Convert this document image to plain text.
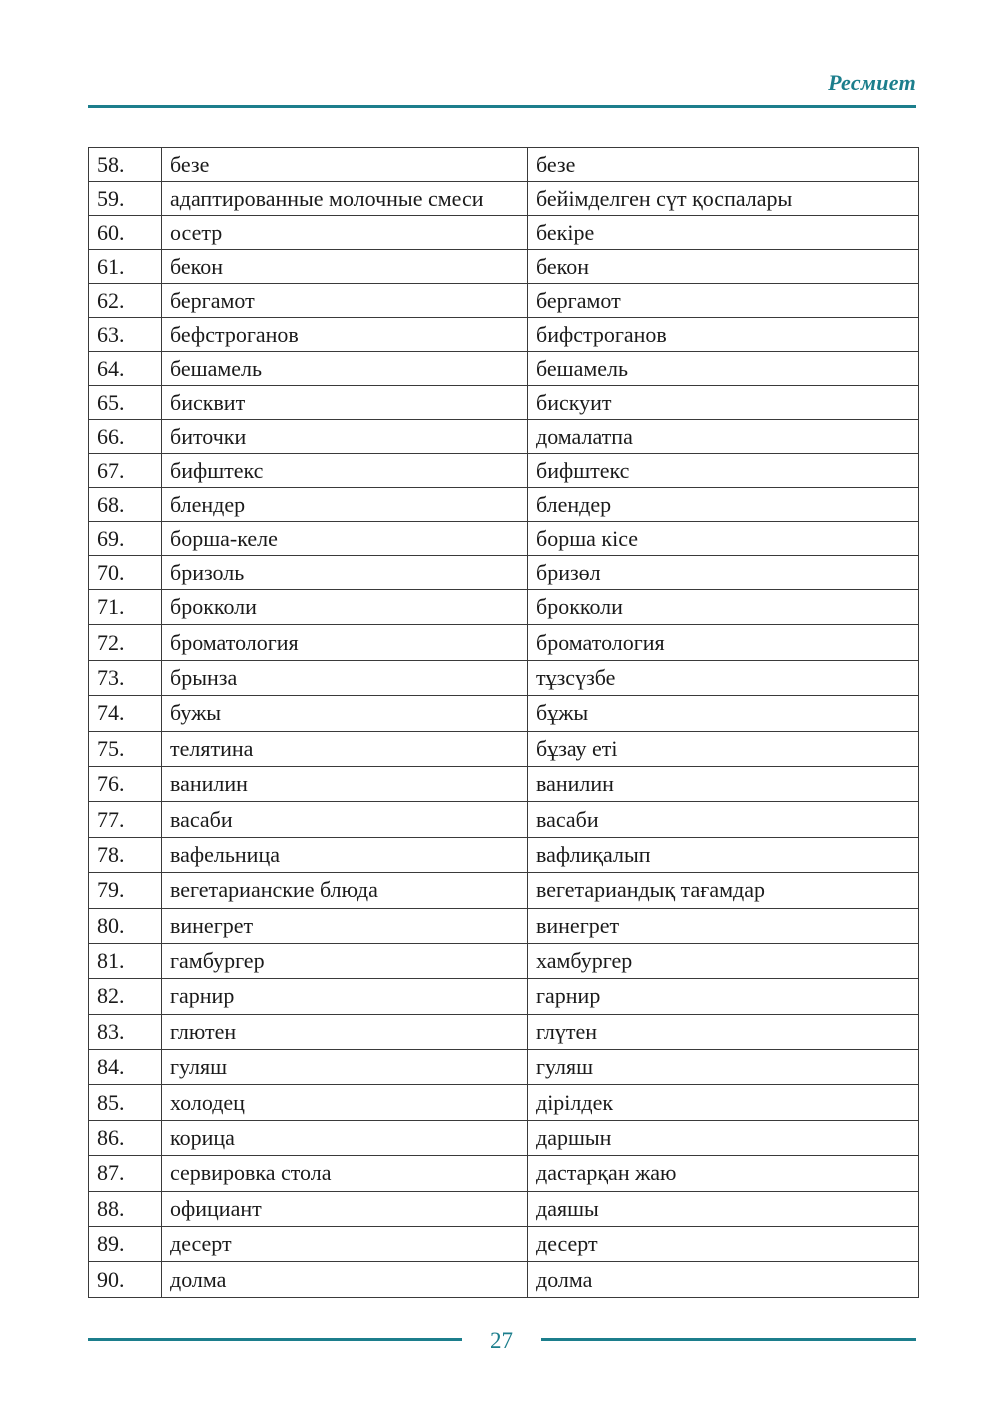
Ресмиет
58.	безе	безе
59.	адаптированные молочные смеси	бейімделген сүт қоспалары
60.	осетр	бекіре
61.	бекон	бекон
62.	бергамот	бергамот
63.	бефстроганов	бифстроганов
64.	бешамель	бешамель
65.	бисквит	бискуит
66.	биточки	домалатпа
67.	бифштекс	бифштекс
68.	блендер	блендер
69.	борша-келе	борша кісе
70.	бризоль	бризөл
71.	брокколи	брокколи
72.	броматология	броматология
73.	брынза	тұзсүзбе
74.	бужы	бұжы
75.	телятина	бұзау еті
76.	ванилин	ванилин
77.	васаби	васаби
78.	вафельница	вафлиқалып
79.	вегетарианские блюда	вегетариандық тағамдар
80.	винегрет	винегрет
81.	гамбургер	хамбургер
82.	гарнир	гарнир
83.	глютен	глүтен
84.	гуляш	гуляш
85.	холодец	дірілдек
86.	корица	даршын
87.	сервировка стола	дастарқан жаю
88.	официант	даяшы
89.	десерт	десерт
90.	долма	долма
27
